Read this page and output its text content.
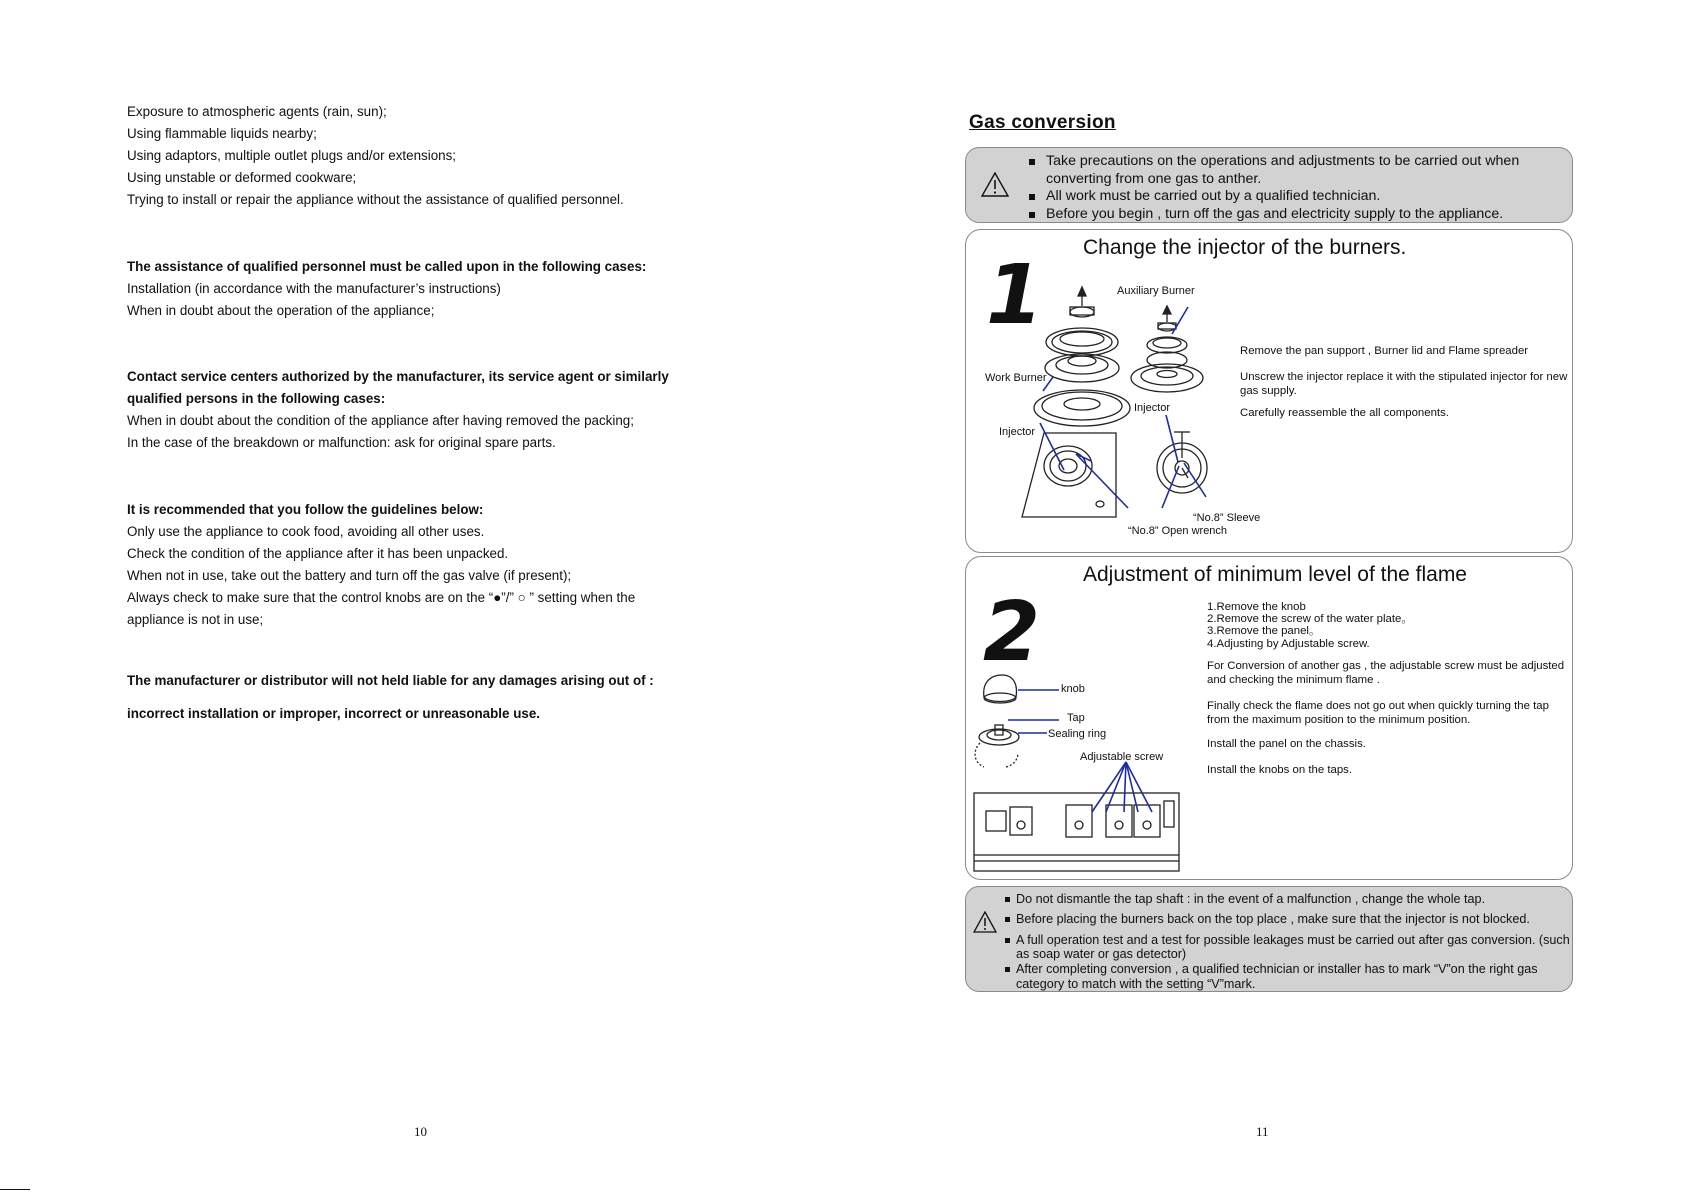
Exposure to atmospheric agents (rain, sun);
Using flammable liquids nearby;
Using adaptors, multiple outlet plugs and/or extensions;
Using unstable or deformed cookware;
Trying to install or repair the appliance without the assistance of qualified personnel.
The assistance of qualified personnel must be called upon in the following cases:
Installation (in accordance with the manufacturer’s instructions)
When in doubt about the operation of the appliance;
Contact service centers authorized by the manufacturer, its service agent or similarly
qualified persons in the following cases:
When in doubt about the condition of the appliance after having removed the packing;
In the case of the breakdown or malfunction: ask for original spare parts.
It is recommended that you follow the guidelines below:
Only use the appliance to cook food, avoiding all other uses.
Check the condition of the appliance after it has been unpacked.
When not in use, take out the battery and turn off the gas valve (if present);
Always check to make sure that the control knobs are on the “●”/” ○ ” setting when the
appliance is not in use;
The manufacturer or distributor will not held liable for any damages arising out of :
incorrect installation or improper, incorrect or unreasonable use.
10
Gas conversion
Take precautions on the operations and adjustments to be carried out when converting from one gas to anther.
All work must be carried out by a qualified technician.
Before you begin , turn off the gas and electricity supply to the appliance.
Change the injector of the burners.
1	Auxiliary Burner
Work Burner
Injector
Injector
“No.8” Sleeve
“No.8” Open wrench
Remove the pan support , Burner lid and Flame spreader
Unscrew the injector replace it with the stipulated injector for new gas supply.
Carefully reassemble the all components.
Adjustment of minimum level of the flame
2
knob
Tap
Sealing ring
Adjustable screw
1.Remove the knob
2.Remove the screw of the water plate。
3.Remove the panel。
4.Adjusting by Adjustable screw.
For Conversion of another gas , the adjustable screw must be adjusted and checking the minimum flame .
Finally check the flame does not go out when quickly turning the tap from the maximum position to the minimum position.
Install the panel on the chassis.
Install the knobs on the taps.
Do not dismantle the tap shaft : in the event of a malfunction , change the whole tap.
Before placing the burners back on the top place , make sure that the injector is not blocked.
A full operation test and a test for possible leakages must be carried out after gas conversion. (such as soap water or gas detector)
After completing conversion , a qualified technician or installer has to mark “V”on the right gas category to match with the setting “V”mark.
11
